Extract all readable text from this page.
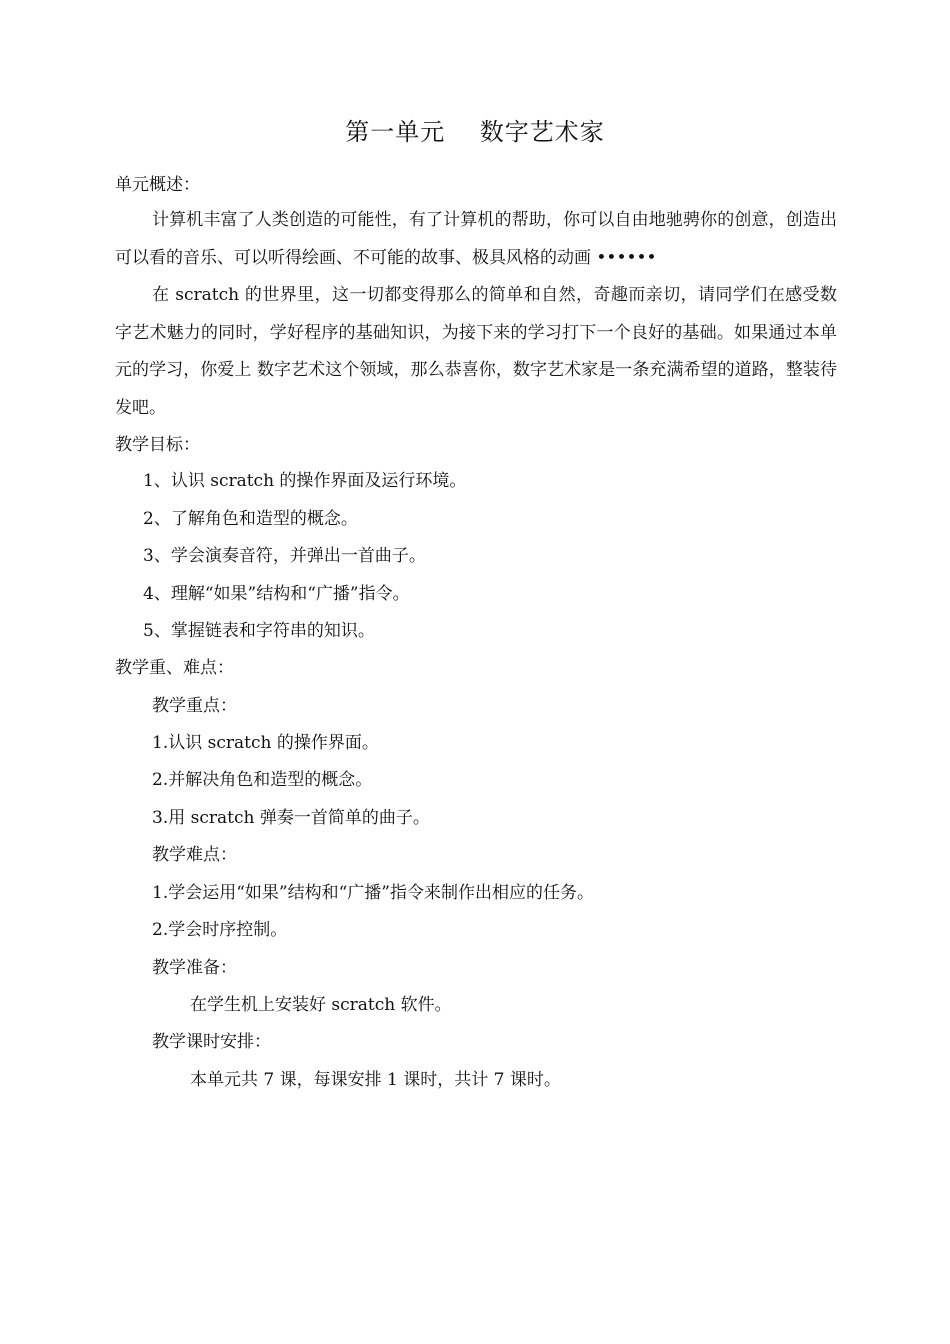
第一单元    数字艺术家
单元概述：

计算机丰富了人类创造的可能性，有了计算机的帮助，你可以自由地驰骋你的创意，创造出可以看的音乐、可以听得绘画、不可能的故事、极具风格的动画 ••••••

在 scratch 的世界里，这一切都变得那么的简单和自然，奇趣而亲切，请同学们在感受数字艺术魅力的同时，学好程序的基础知识，为接下来的学习打下一个良好的基础。如果通过本单元的学习，你爱上 数字艺术这个领域，那么恭喜你，数字艺术家是一条充满希望的道路，整装待发吧。

教学目标：
1、认识 scratch 的操作界面及运行环境。
2、了解角色和造型的概念。
3、学会演奏音符，并弹出一首曲子。
4、理解“如果”结构和“广播”指令。
5、掌握链表和字符串的知识。
教学重、难点：
教学重点：
1.认识 scratch 的操作界面。
2.并解决角色和造型的概念。
3.用 scratch 弹奏一首简单的曲子。
教学难点：
1.学会运用“如果”结构和“广播”指令来制作出相应的任务。
2.学会时序控制。
教学准备：
在学生机上安装好 scratch 软件。
教学课时安排：
本单元共 7 课，每课安排 1 课时，共计 7 课时。
